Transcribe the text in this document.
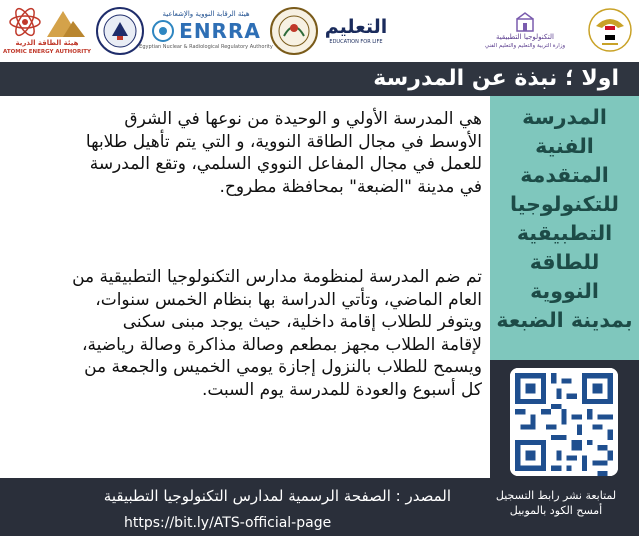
هيئة الطاقة الذرية
ATOMIC ENERGY AUTHORITY
هيئة الرقابة النووية والإشعاعية
ENRRA
Egyptian Nuclear & Radiological Regulatory Authority
التعليم
EDUCATION FOR LIFE
التكنولوجيا التطبيقية
وزارة التربية والتعليم والتعليم الفني
اولا ؛ نبذة عن المدرسة
هي المدرسة الأولي و الوحيدة من نوعها في الشرق
الأوسط في مجال الطاقة النووية، و التي يتم تأهيل طلابها
للعمل في مجال المفاعل النووي السلمي، وتقع المدرسة
في مدينة "الضبعة" بمحافظة مطروح.
تم ضم المدرسة لمنظومة مدارس التكنولوجيا التطبيقية من
العام الماضي، وتأتي الدراسة بها بنظام الخمس سنوات،
ويتوفر للطلاب إقامة داخلية، حيث يوجد مبنى سكنى
لإقامة الطلاب مجهز بمطعم وصالة مذاكرة وصالة رياضية،
ويسمح للطلاب بالنزول إجازة يومي الخميس والجمعة من
كل أسبوع والعودة للمدرسة يوم السبت.
المدرسة
الفنية
المتقدمة
للتكنولوجيا
التطبيقية
للطاقة
النووية
بمدينة الضبعة
المصدر : الصفحة الرسمية لمدارس التكنولوجيا التطبيقية
https://bit.ly/ATS-official-page
لمتابعة نشر رابط التسجيل
أمسح الكود بالموبيل
